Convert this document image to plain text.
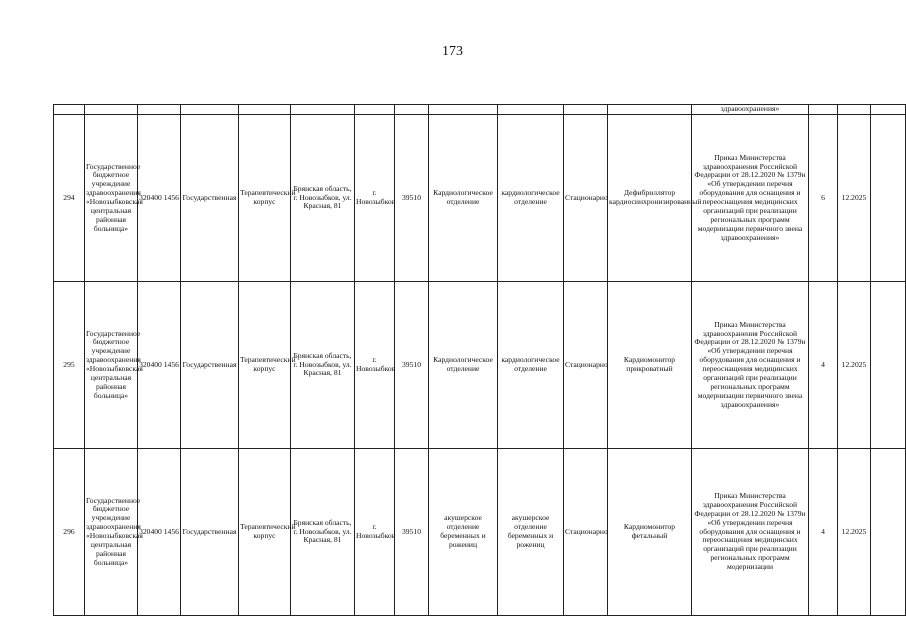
173
												здравоохранения»			
294	Государственное бюджетное учреждение здравоохранения «Новозыбковская центральная районная больница»	320400 1456	Государственная	Терапевтический корпус	Брянская область, г. Новозыбков, ул. Красная, 81	г. Новозыбков	39510	Кардиологическое отделение	кардиологическое отделение	Стационарно	Дефибриллятор кардиосинхронизированный	Приказ Министерства здравоохранения Российской Федерации от 28.12.2020 № 1379н «Об утверждении перечня оборудования для оснащения и переоснащения медицинских организаций при реализации региональных программ модернизации первичного звена здравоохранения»	6	12.2025	
295	Государственное бюджетное учреждение здравоохранения «Новозыбковская центральная районная больница»	320400 1456	Государственная	Терапевтический корпус	Брянская область, г. Новозыбков, ул. Красная, 81	г. Новозыбков	39510	Кардиологическое отделение	кардиологическое отделение	Стационарно	Кардиомонитор прикроватный	Приказ Министерства здравоохранения Российской Федерации от 28.12.2020 № 1379н «Об утверждении перечня оборудования для оснащения и переоснащения медицинских организаций при реализации региональных программ модернизации первичного звена здравоохранения»	4	12.2025	
296	Государственное бюджетное учреждение здравоохранения «Новозыбковская центральная районная больница»	320400 1456	Государственная	Терапевтический корпус	Брянская область, г. Новозыбков, ул. Красная, 81	г. Новозыбков	39510	акушерское отделение беременных и рожениц	акушерское отделение беременных и рожениц	Стационарно	Кардиомонитор фетальный	Приказ Министерства здравоохранения Российской Федерации от 28.12.2020 № 1379н «Об утверждении перечня оборудования для оснащения и переоснащения медицинских организаций при реализации региональных программ модернизации	4	12.2025	
